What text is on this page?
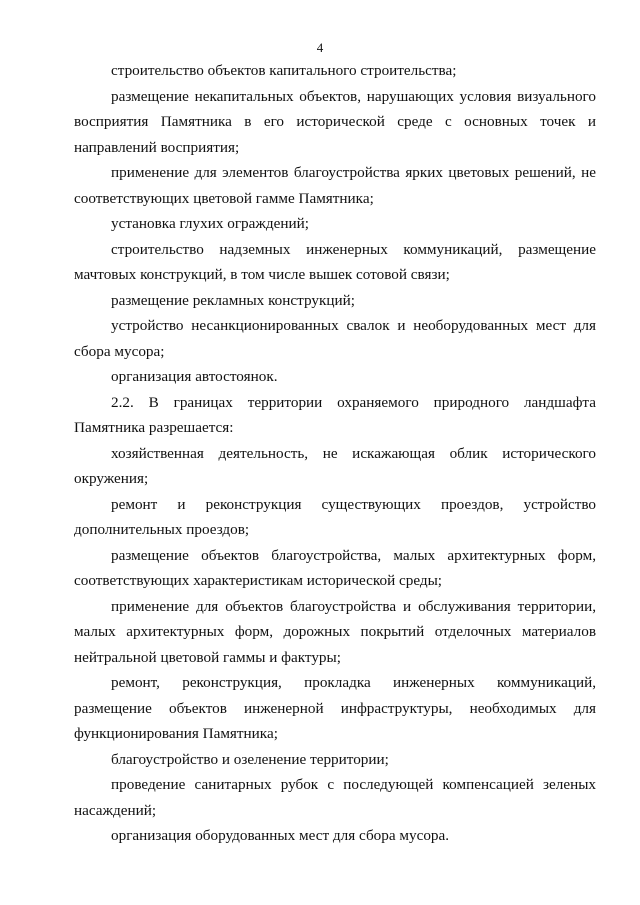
4

строительство объектов капитального строительства;

размещение некапитальных объектов, нарушающих условия визуального восприятия Памятника в его исторической среде с основных точек и направлений восприятия;

применение для элементов благоустройства ярких цветовых решений, не соответствующих цветовой гамме Памятника;

установка глухих ограждений;

строительство надземных инженерных коммуникаций, размещение мачтовых конструкций, в том числе вышек сотовой связи;

размещение рекламных конструкций;

устройство несанкционированных свалок и необорудованных мест для сбора мусора;

организация автостоянок.

2.2. В границах территории охраняемого природного ландшафта Памятника разрешается:

хозяйственная деятельность, не искажающая облик исторического окружения;

ремонт и реконструкция существующих проездов, устройство дополнительных проездов;

размещение объектов благоустройства, малых архитектурных форм, соответствующих характеристикам исторической среды;

применение для объектов благоустройства и обслуживания территории, малых архитектурных форм, дорожных покрытий отделочных материалов нейтральной цветовой гаммы и фактуры;

ремонт, реконструкция, прокладка инженерных коммуникаций, размещение объектов инженерной инфраструктуры, необходимых для функционирования Памятника;

благоустройство и озеленение территории;

проведение санитарных рубок с последующей компенсацией зеленых насаждений;

организация оборудованных мест для сбора мусора.
